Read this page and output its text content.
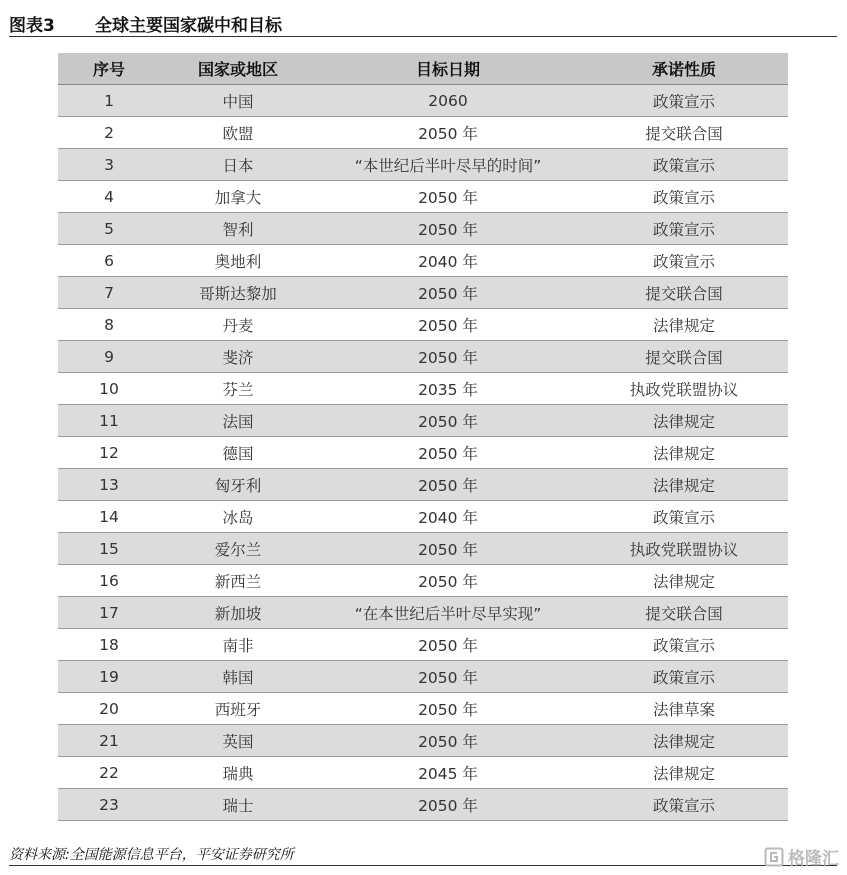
图表3	全球主要国家碳中和目标
序号	国家或地区	目标日期	承诺性质
1	中国	2060	政策宣示
2	欧盟	2050 年	提交联合国
3	日本	“本世纪后半叶尽早的时间”	政策宣示
4	加拿大	2050 年	政策宣示
5	智利	2050 年	政策宣示
6	奥地利	2040 年	政策宣示
7	哥斯达黎加	2050 年	提交联合国
8	丹麦	2050 年	法律规定
9	斐济	2050 年	提交联合国
10	芬兰	2035 年	执政党联盟协议
11	法国	2050 年	法律规定
12	德国	2050 年	法律规定
13	匈牙利	2050 年	法律规定
14	冰岛	2040 年	政策宣示
15	爱尔兰	2050 年	执政党联盟协议
16	新西兰	2050 年	法律规定
17	新加坡	“在本世纪后半叶尽早实现”	提交联合国
18	南非	2050 年	政策宣示
19	韩国	2050 年	政策宣示
20	西班牙	2050 年	法律草案
21	英国	2050 年	法律规定
22	瑞典	2045 年	法律规定
23	瑞士	2050 年	政策宣示
资料来源:全国能源信息平台，平安证券研究所	格隆汇
